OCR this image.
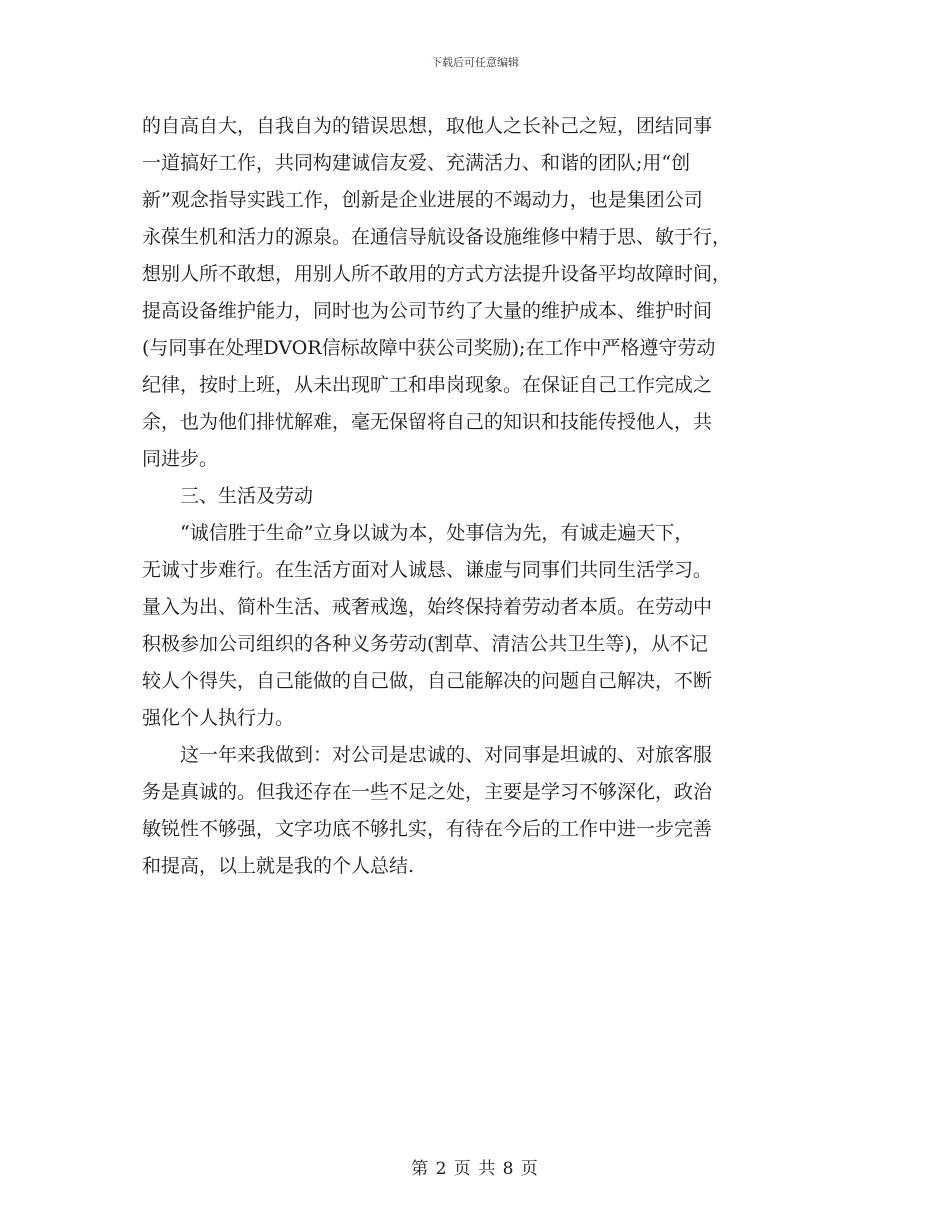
下载后可任意编辑
的自高自大，自我自为的错误思想，取他人之长补己之短，团结同事
一道搞好工作，共同构建诚信友爱、充满活力、和谐的团队;用“创
新”观念指导实践工作，创新是企业进展的不竭动力，也是集团公司
永葆生机和活力的源泉。在通信导航设备设施维修中精于思、敏于行，
想别人所不敢想，用别人所不敢用的方式方法提升设备平均故障时间，
提高设备维护能力，同时也为公司节约了大量的维护成本、维护时间
(与同事在处理DVOR信标故障中获公司奖励);在工作中严格遵守劳动
纪律，按时上班，从未出现旷工和串岗现象。在保证自己工作完成之
余，也为他们排忧解难，毫无保留将自己的知识和技能传授他人，共
同进步。
三、生活及劳动
“诚信胜于生命”立身以诚为本，处事信为先，有诚走遍天下，
无诚寸步难行。在生活方面对人诚恳、谦虚与同事们共同生活学习。
量入为出、简朴生活、戒奢戒逸，始终保持着劳动者本质。在劳动中
积极参加公司组织的各种义务劳动(割草、清洁公共卫生等)，从不记
较人个得失，自己能做的自己做，自己能解决的问题自己解决，不断
强化个人执行力。
这一年来我做到：对公司是忠诚的、对同事是坦诚的、对旅客服
务是真诚的。但我还存在一些不足之处，主要是学习不够深化，政治
敏锐性不够强，文字功底不够扎实，有待在今后的工作中进一步完善
和提高，以上就是我的个人总结.
第 2 页 共 8 页
